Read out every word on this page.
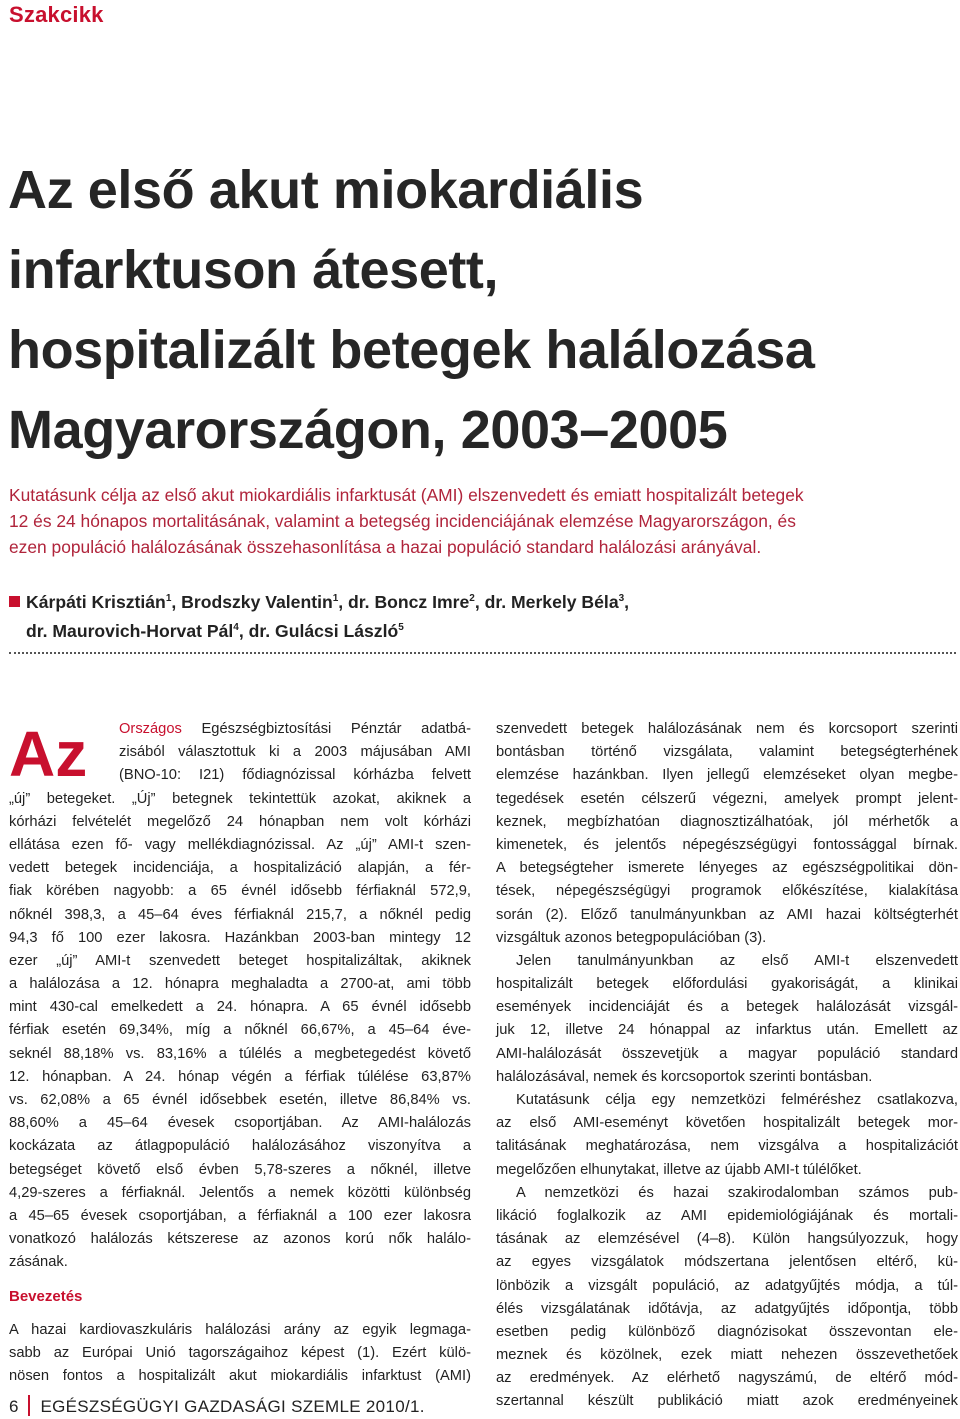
Szakcikk
Az első akut miokardiális
infarktuson átesett,
hospitalizált betegek halálozása
Magyarországon, 2003–2005
Kutatásunk célja az első akut miokardiális infarktusát (AMI) elszenvedett és emiatt hospitalizált betegek
12 és 24 hónapos mortalitásának, valamint a betegség incidenciájának elemzése Magyarországon, és
ezen populáció halálozásának összehasonlítása a hazai populáció standard halálozási arányával.
Kárpáti Krisztián$^1$, Brodszky Valentin$^1$, dr. Boncz Imre$^2$, dr. Merkely Béla$^3$,
dr. Maurovich-Horvat Pál$^4$, dr. Gulácsi László$^5$
Az	Országos Egészségbiztosítási Pénztár adatbá-
zisából választottuk ki a 2003 májusában AMI
(BNO-10: I21) fődiagnózissal kórházba felvett
„új” betegeket. „Új” betegnek tekintettük azokat, akiknek a
kórházi felvételét megelőző 24 hónapban nem volt kórházi
ellátása ezen fő- vagy mellékdiagnózissal. Az „új” AMI-t szen-
vedett betegek incidenciája, a hospitalizáció alapján, a fér-
fiak körében nagyobb: a 65 évnél idősebb férfiaknál 572,9,
nőknél 398,3, a 45–64 éves férfiaknál 215,7, a nőknél pedig
94,3 fő 100 ezer lakosra. Hazánkban 2003-ban mintegy 12
ezer „új” AMI-t szenvedett beteget hospitalizáltak, akiknek
a halálozása a 12. hónapra meghaladta a 2700-at, ami több
mint 430-cal emelkedett a 24. hónapra. A 65 évnél idősebb
férfiak esetén 69,34%, míg a nőknél 66,67%, a 45–64 éve-
seknél 88,18% vs. 83,16% a túlélés a megbetegedést követő
12. hónapban. A 24. hónap végén a férfiak túlélése 63,87%
vs. 62,08% a 65 évnél idősebbek esetén, illetve 86,84% vs.
88,60% a 45–64 évesek csoportjában. Az AMI-halálozás
kockázata az átlagpopuláció halálozásához viszonyítva a
betegséget követő első évben 5,78-szeres a nőknél, illetve
4,29-szeres a férfiaknál. Jelentős a nemek közötti különbség
a 45–65 évesek csoportjában, a férfiaknál a 100 ezer lakosra
vonatkozó halálozás kétszerese az azonos korú nők halálo-
zásának.
Bevezetés
A hazai kardiovaszkuláris halálozási arány az egyik legmaga-
sabb az Európai Unió tagországaihoz képest (1). Ezért külö-
nösen fontos a hospitalizált akut miokardiális infarktust (AMI)
szenvedett betegek halálozásának nem és korcsoport szerinti
bontásban történő vizsgálata, valamint betegségterhének
elemzése hazánkban. Ilyen jellegű elemzéseket olyan megbe-
tegedések esetén célszerű végezni, amelyek prompt jelent-
keznek, megbízhatóan diagnosztizálhatóak, jól mérhetők a
kimenetek, és jelentős népegészségügyi fontossággal bírnak.
A betegségteher ismerete lényeges az egészségpolitikai dön-
tések, népegészségügyi programok előkészítése, kialakítása
során (2). Előző tanulmányunkban az AMI hazai költségterhét
vizsgáltuk azonos betegpopulációban (3).
Jelen tanulmányunkban az első AMI-t elszenvedett
hospitalizált betegek előfordulási gyakoriságát, a klinikai
események incidenciáját és a betegek halálozását vizsgál-
juk 12, illetve 24 hónappal az infarktus után. Emellett az
AMI-halálozását összevetjük a magyar populáció standard
halálozásával, nemek és korcsoportok szerinti bontásban.
Kutatásunk célja egy nemzetközi felméréshez csatlakozva,
az első AMI-eseményt követően hospitalizált betegek mor-
talitásának meghatározása, nem vizsgálva a hospitalizációt
megelőzően elhunytakat, illetve az újabb AMI-t túlélőket.
A nemzetközi és hazai szakirodalomban számos pub-
likáció foglalkozik az AMI epidemiológiájának és mortali-
tásának az elemzésével (4–8). Külön hangsúlyozzuk, hogy
az egyes vizsgálatok módszertana jelentősen eltérő, kü-
lönbözik a vizsgált populáció, az adatgyűjtés módja, a túl-
élés vizsgálatának időtávja, az adatgyűjtés időpontja, több
esetben pedig különböző diagnózisokat összevontan ele-
meznek és közölnek, ezek miatt nehezen összevethetőek
az eredmények. Az elérhető nagyszámú, de eltérő mód-
szertannal készült publikáció miatt azok eredményeinek
6 EGÉSZSÉGÜGYI GAZDASÁGI SZEMLE 2010/1.
